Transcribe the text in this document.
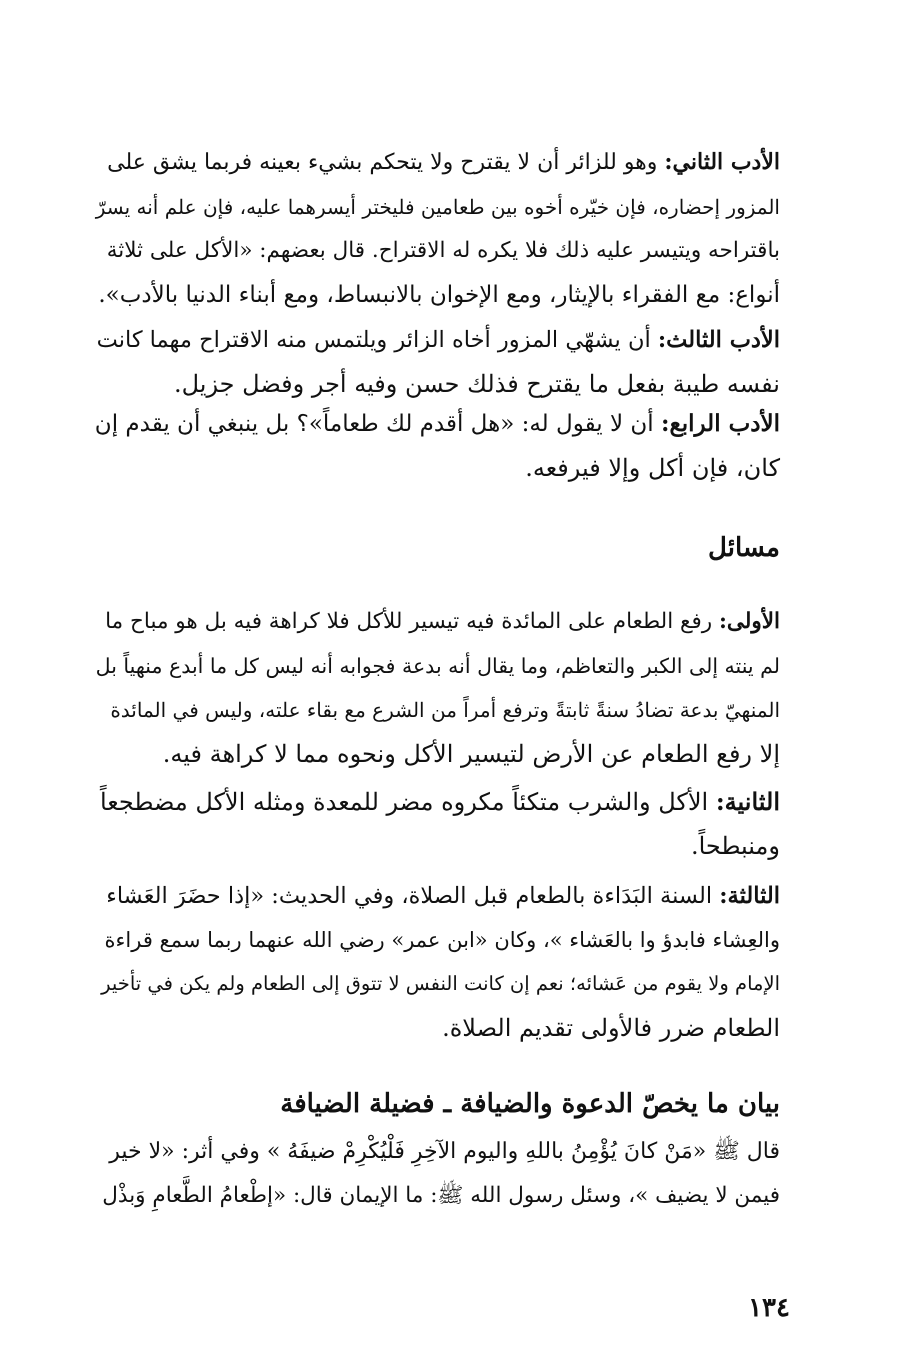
الأدب الثاني: وهو للزائر أن لا يقترح ولا يتحكم بشيء بعينه فربما يشق على

المزور إحضاره، فإن خيّره أخوه بين طعامين فليختر أيسرهما عليه، فإن علم أنه يسرّ

باقتراحه ويتيسر عليه ذلك فلا يكره له الاقتراح. قال بعضهم: «الأكل على ثلاثة

أنواع: مع الفقراء بالإيثار، ومع الإخوان بالانبساط، ومع أبناء الدنيا بالأدب».

الأدب الثالث: أن يشهّي المزور أخاه الزائر ويلتمس منه الاقتراح مهما كانت

نفسه طيبة بفعل ما يقترح فذلك حسن وفيه أجر وفضل جزيل.

الأدب الرابع: أن لا يقول له: «هل أقدم لك طعاماً»؟ بل ينبغي أن يقدم إن

كان، فإن أكل وإلا فيرفعه.

مسائل

الأولى: رفع الطعام على المائدة فيه تيسير للأكل فلا كراهة فيه بل هو مباح ما

لم ينته إلى الكبر والتعاظم، وما يقال أنه بدعة فجوابه أنه ليس كل ما أبدع منهياً بل

المنهيّ بدعة تضادُ سنةً ثابتةً وترفع أمراً من الشرع مع بقاء علته، وليس في المائدة

إلا رفع الطعام عن الأرض لتيسير الأكل ونحوه مما لا كراهة فيه.

الثانية: الأكل والشرب متكئاً مكروه مضر للمعدة ومثله الأكل مضطجعاً

ومنبطحاً.

الثالثة: السنة البَدَاءة بالطعام قبل الصلاة، وفي الحديث: «إذا حضَرَ العَشاء

والعِشاء فابدؤ وا بالعَشاء »، وكان «ابن عمر» رضي الله عنهما ربما سمع قراءة

الإمام ولا يقوم من عَشائه؛ نعم إن كانت النفس لا تتوق إلى الطعام ولم يكن في تأخير

الطعام ضرر فالأولى تقديم الصلاة.

بيان ما يخصّ الدعوة والضيافة ـ فضيلة الضيافة

قال ﷺ «مَنْ كانَ يُؤْمِنُ باللهِ واليوم الآخِرِ فَلْيُكْرِمْ ضيفَهُ » وفي أثر: «لا خير

فيمن لا يضيف »، وسئل رسول الله ﷺ: ما الإيمان قال: «إطْعامُ الطَّعامِ وَبذْل

١٣٤
